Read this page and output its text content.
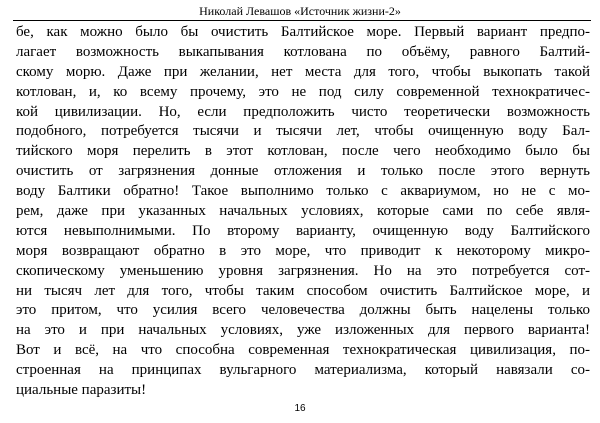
Николай Левашов «Источник жизни-2»
бе, как можно было бы очистить Балтийское море. Первый вариант предпо-
лагает возможность выкапывания котлована по объёму, равного Балтий-
скому морю. Даже при желании, нет места для того, чтобы выкопать такой
котлован, и, ко всему прочему, это не под силу современной технократичес-
кой цивилизации. Но, если предположить чисто теоретически возможность
подобного, потребуется тысячи и тысячи лет, чтобы очищенную воду Бал-
тийского моря перелить в этот котлован, после чего необходимо было бы
очистить от загрязнения донные отложения и только после этого вернуть
воду Балтики обратно! Такое выполнимо только с аквариумом, но не с мо-
рем, даже при указанных начальных условиях, которые сами по себе явля-
ются невыполнимыми. По второму варианту, очищенную воду Балтийского
моря возвращают обратно в это море, что приводит к некоторому микро-
скопическому уменьшению уровня загрязнения. Но на это потребуется сот-
ни тысяч лет для того, чтобы таким способом очистить Балтийское море, и
это притом, что усилия всего человечества должны быть нацелены только
на это и при начальных условиях, уже изложенных для первого варианта!
Вот и всё, на что способна современная технократическая цивилизация, по-
строенная на принципах вульгарного материализма, который навязали со-
циальные паразиты!
16
